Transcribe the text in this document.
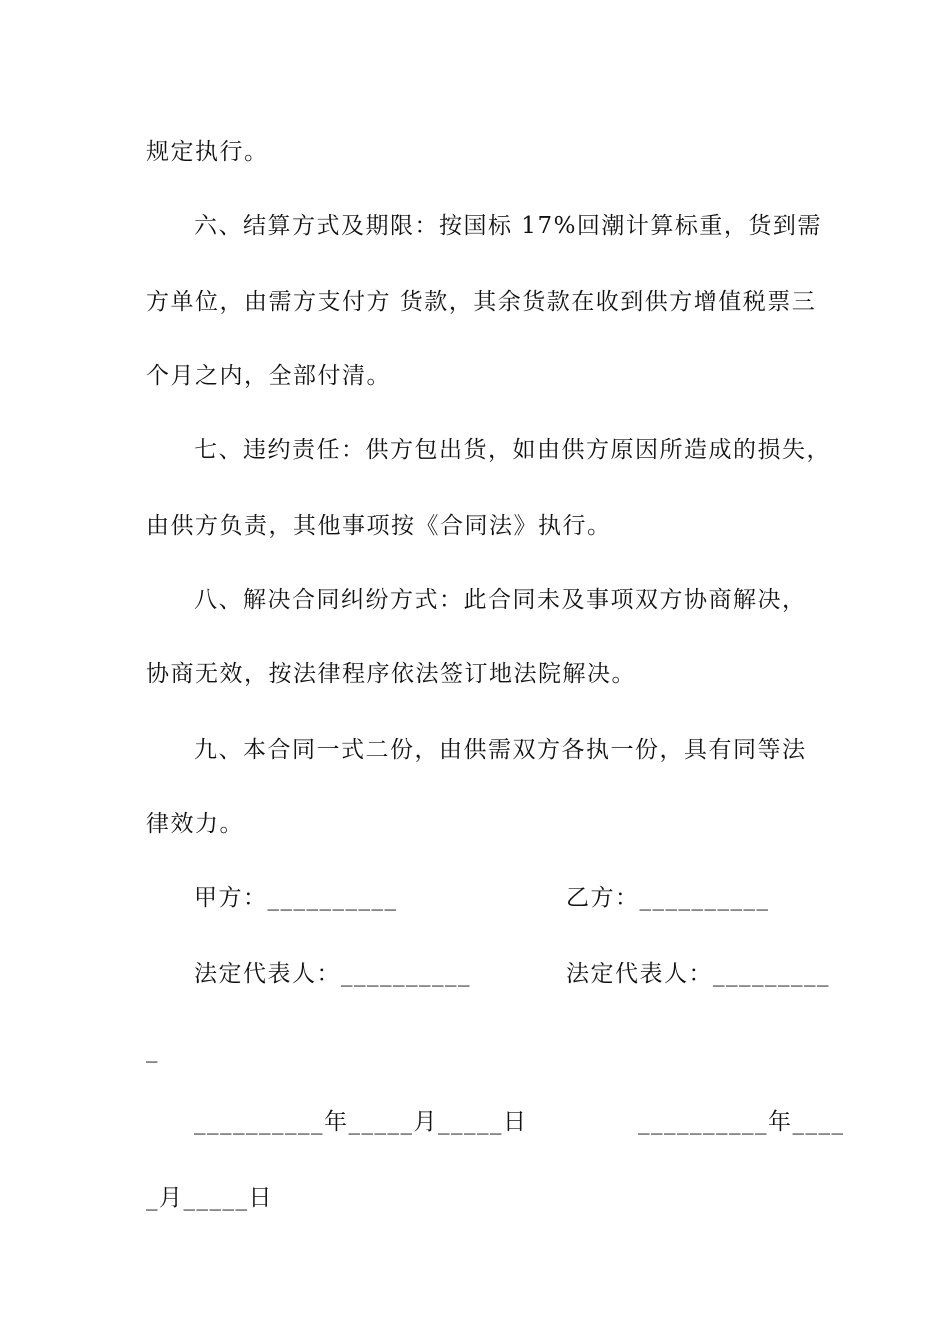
规定执行。
六、结算方式及期限：按国标 17%回潮计算标重，货到需
方单位，由需方支付方 货款，其余货款在收到供方增值税票三
个月之内，全部付清。
七、违约责任：供方包出货，如由供方原因所造成的损失，
由供方负责，其他事项按《合同法》执行。
八、解决合同纠纷方式：此合同未及事项双方协商解决，
协商无效，按法律程序依法签订地法院解决。
九、本合同一式二份，由供需双方各执一份，具有同等法
律效力。
甲方：__________	乙方：__________
法定代表人：__________	法定代表人：_________
_
__________年_____月_____日	__________年____
_月_____日
